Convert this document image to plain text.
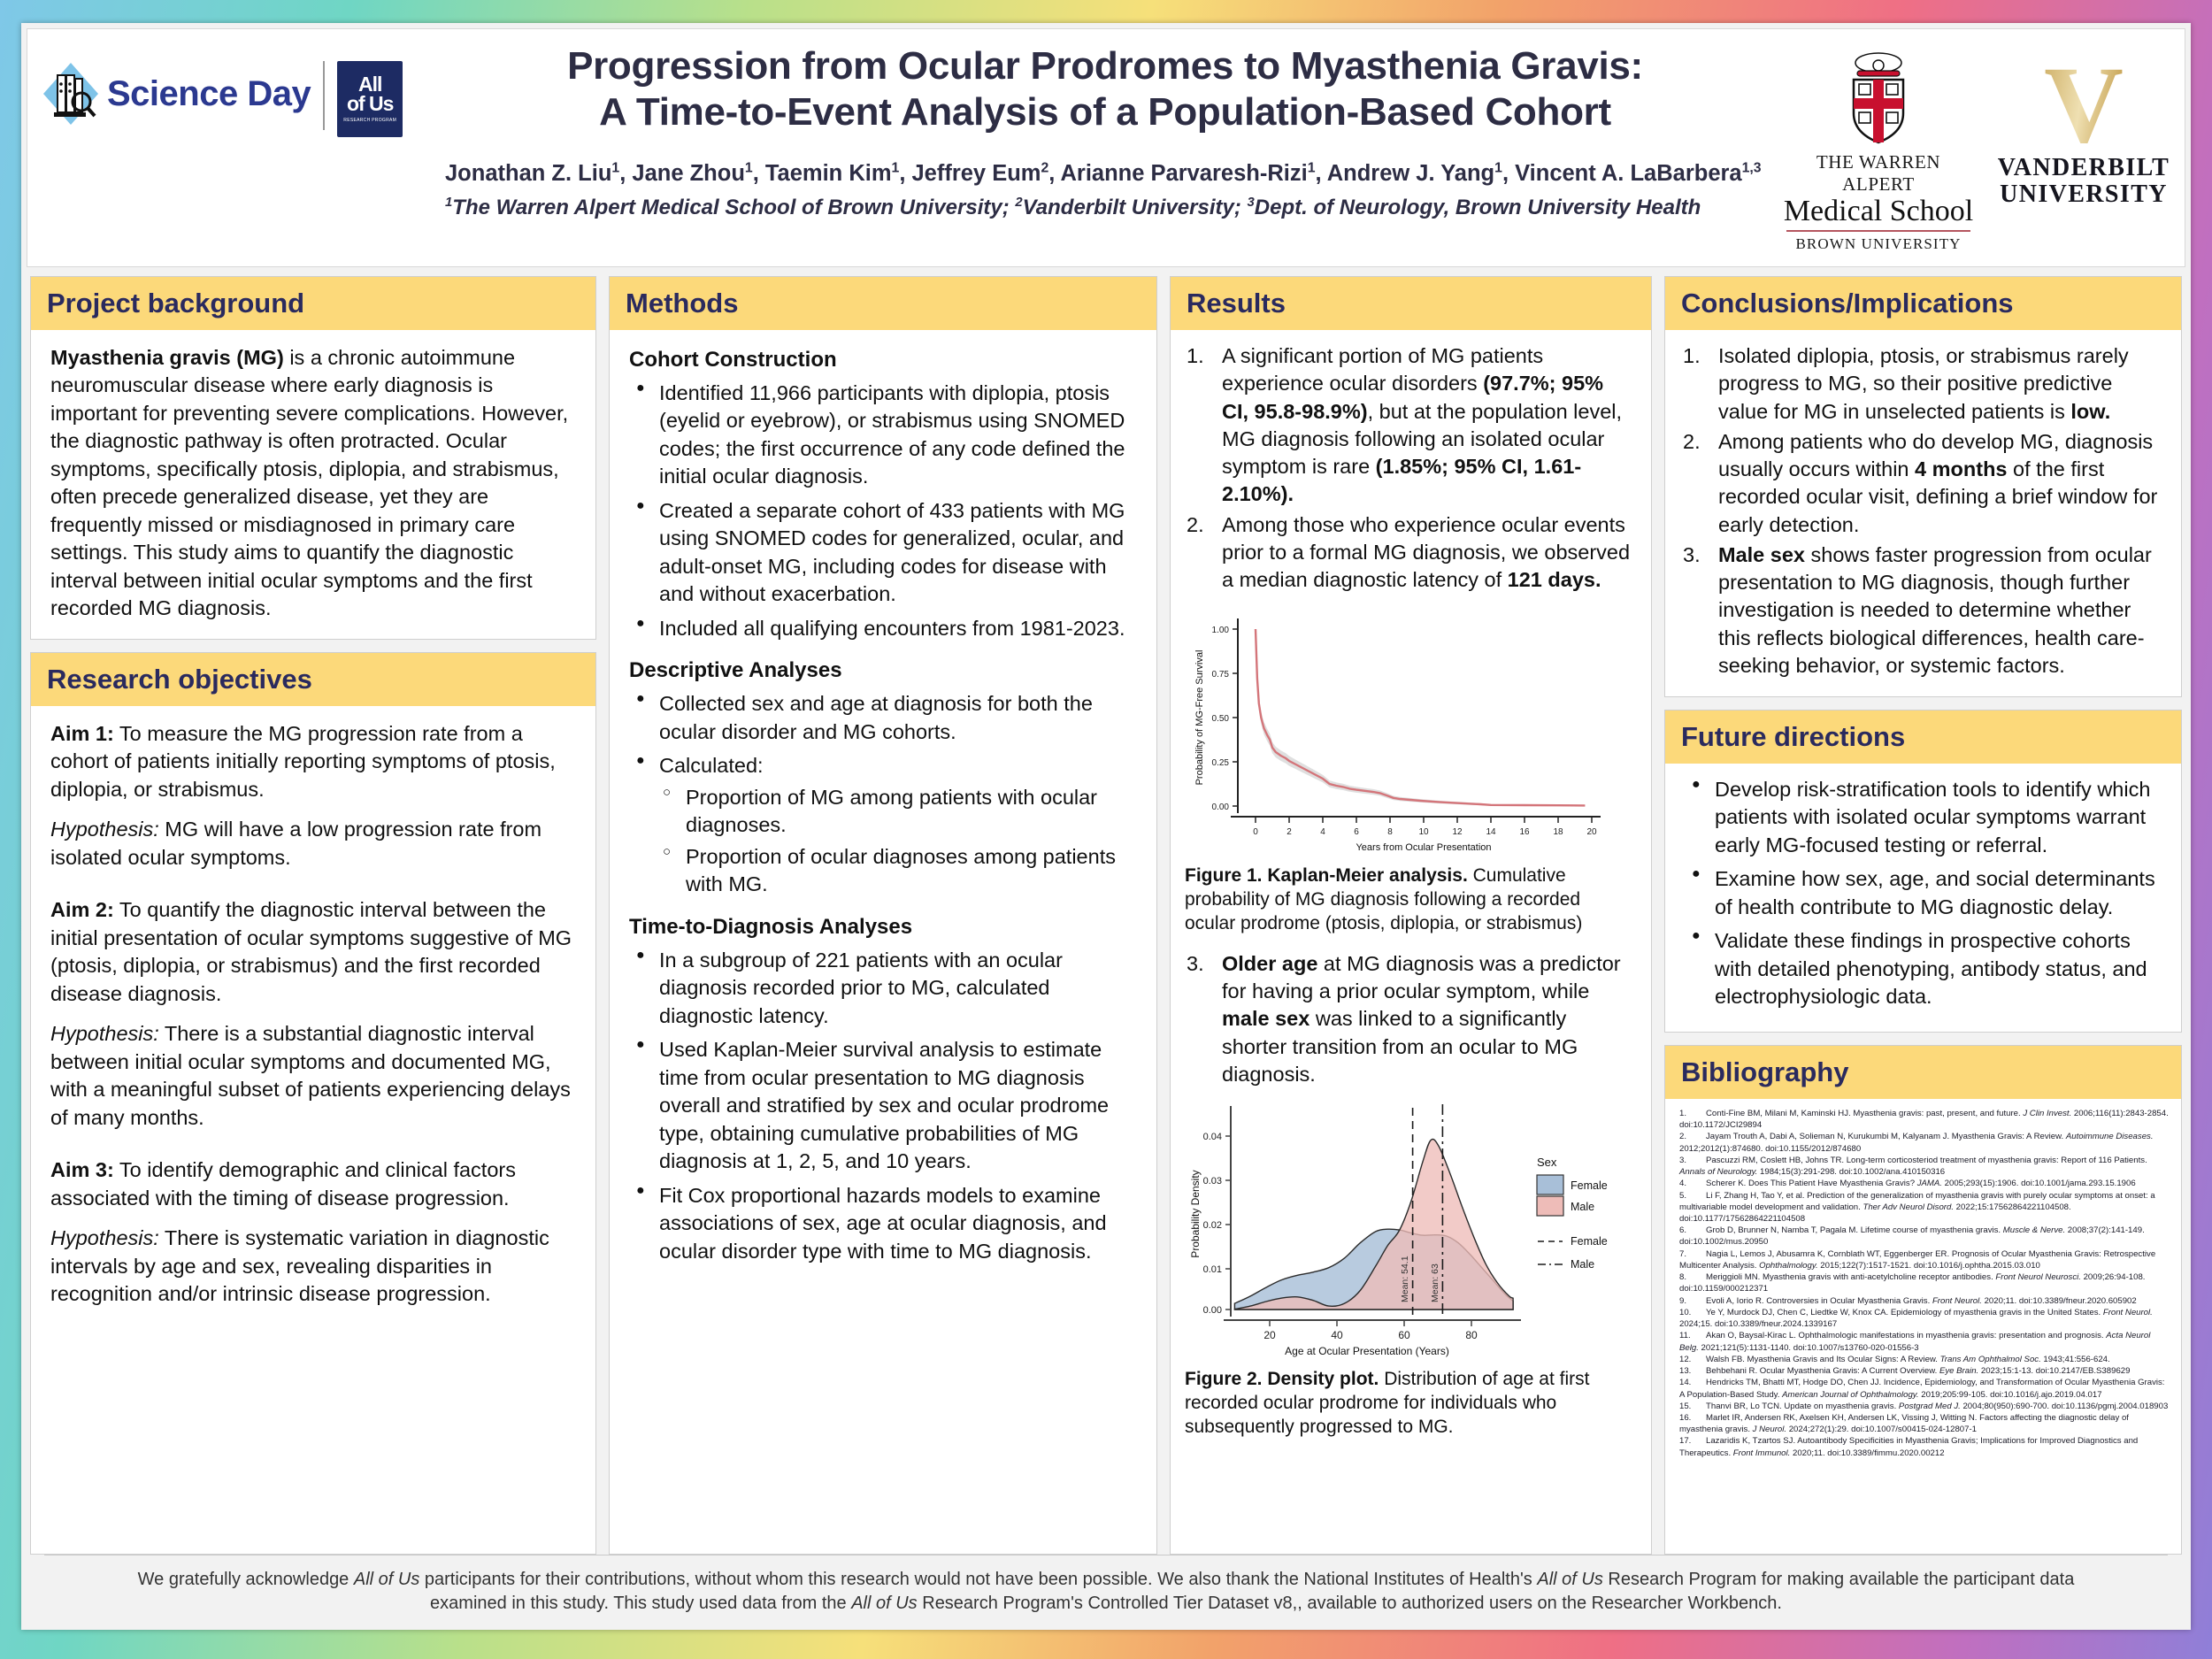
Science Day All
of Us
RESEARCH PROGRAM
Progression from Ocular Prodromes to Myasthenia Gravis:
A Time-to-Event Analysis of a Population-Based Cohort
Jonathan Z. Liu$^1$, Jane Zhou$^1$, Taemin Kim$^1$, Jeffrey Eum$^2$, Arianne Parvaresh-Rizi$^1$, Andrew J. Yang$^1$, Vincent A. LaBarbera$^{1,3}$
$^1$The Warren Alpert Medical School of Brown University; $^2$Vanderbilt University; $^3$Dept. of Neurology, Brown University Health
THE WARREN ALPERT
Medical School
BROWN UNIVERSITY
V
VANDERBILT
UNIVERSITY
Project background

Myasthenia gravis (MG) is a chronic autoimmune neuromuscular disease where early diagnosis is important for preventing severe complications. However, the diagnostic pathway is often protracted. Ocular symptoms, specifically ptosis, diplopia, and strabismus, often precede generalized disease, yet they are frequently missed or misdiagnosed in primary care settings. This study aims to quantify the diagnostic interval between initial ocular symptoms and the first recorded MG diagnosis.

Research objectives

Aim 1: To measure the MG progression rate from a cohort of patients initially reporting symptoms of ptosis, diplopia, or strabismus.

Hypothesis: MG will have a low progression rate from isolated ocular symptoms.

Aim 2: To quantify the diagnostic interval between the initial presentation of ocular symptoms suggestive of MG (ptosis, diplopia, or strabismus) and the first recorded disease diagnosis.

Hypothesis: There is a substantial diagnostic interval between initial ocular symptoms and documented MG, with a meaningful subset of patients experiencing delays of many months.

Aim 3: To identify demographic and clinical factors associated with the timing of disease progression.

Hypothesis: There is systematic variation in diagnostic intervals by age and sex, revealing disparities in recognition and/or intrinsic disease progression.

Methods
Cohort Construction
● Identified 11,966 participants with diplopia, ptosis (eyelid or eyebrow), or strabismus using SNOMED codes; the first occurrence of any code defined the initial ocular diagnosis.
● Created a separate cohort of 433 patients with MG using SNOMED codes for generalized, ocular, and adult-onset MG, including codes for disease with and without exacerbation.
● Included all qualifying encounters from 1981-2023.
Descriptive Analyses
● Collected sex and age at diagnosis for both the ocular disorder and MG cohorts.
● Calculated:
○ Proportion of MG among patients with ocular diagnoses.
○ Proportion of ocular diagnoses among patients with MG.
Time-to-Diagnosis Analyses
● In a subgroup of 221 patients with an ocular diagnosis recorded prior to MG, calculated diagnostic latency.
● Used Kaplan-Meier survival analysis to estimate time from ocular presentation to MG diagnosis overall and stratified by sex and ocular prodrome type, obtaining cumulative probabilities of MG diagnosis at 1, 2, 5, and 10 years.
● Fit Cox proportional hazards models to examine associations of sex, age at ocular diagnosis, and ocular disorder type with time to MG diagnosis.
Results
A significant portion of MG patients experience ocular disorders (97.7%; 95% CI, 95.8-98.9%), but at the population level, MG diagnosis following an isolated ocular symptom is rare (1.85%; 95% CI, 1.61-2.10%).
Among those who experience ocular events prior to a formal MG diagnosis, we observed a median diagnostic latency of 121 days.
1.00
0.75
0.50
0.25
0.00
0	2	4	6	8	10	12	14	16	18	20
Years from Ocular Presentation
Probability of MG-Free Survival

Figure 1. Kaplan-Meier analysis. Cumulative probability of MG diagnosis following a recorded ocular prodrome (ptosis, diplopia, or strabismus)

Older age at MG diagnosis was a predictor for having a prior ocular symptom, while male sex was linked to a significantly shorter transition from an ocular to MG diagnosis.
0.04
0.03
0.02
0.01
0.00
20	40	60	80
Age at Ocular Presentation (Years)
Probability Density
Mean: 54.1 Mean: 63
Sex
Female
Male
Female
Male

Figure 2. Density plot. Distribution of age at first recorded ocular prodrome for individuals who subsequently progressed to MG.

Conclusions/Implications
Isolated diplopia, ptosis, or strabismus rarely progress to MG, so their positive predictive value for MG in unselected patients is low.
Among patients who do develop MG, diagnosis usually occurs within 4 months of the first recorded ocular visit, defining a brief window for early detection.
Male sex shows faster progression from ocular presentation to MG diagnosis, though further investigation is needed to determine whether this reflects biological differences, health care-seeking behavior, or systemic factors.
Future directions
● Develop risk-stratification tools to identify which patients with isolated ocular symptoms warrant early MG-focused testing or referral.
● Examine how sex, age, and social determinants of health contribute to MG diagnostic delay.
● Validate these findings in prospective cohorts with detailed phenotyping, antibody status, and electrophysiologic data.
Bibliography
1. Conti-Fine BM, Milani M, Kaminski HJ. Myasthenia gravis: past, present, and future. J Clin Invest. 2006;116(11):2843-2854. doi:10.1172/JCI29894
2. Jayam Trouth A, Dabi A, Solieman N, Kurukumbi M, Kalyanam J. Myasthenia Gravis: A Review. Autoimmune Diseases. 2012;2012(1):874680. doi:10.1155/2012/874680
3. Pascuzzi RM, Coslett HB, Johns TR. Long-term corticosteriod treatment of myasthenia gravis: Report of 116 Patients. Annals of Neurology. 1984;15(3):291-298. doi:10.1002/ana.410150316
4. Scherer K. Does This Patient Have Myasthenia Gravis? JAMA. 2005;293(15):1906. doi:10.1001/jama.293.15.1906
5. Li F, Zhang H, Tao Y, et al. Prediction of the generalization of myasthenia gravis with purely ocular symptoms at onset: a multivariable model development and validation. Ther Adv Neurol Disord. 2022;15:17562864221104508. doi:10.1177/17562864221104508
6. Grob D, Brunner N, Namba T, Pagala M. Lifetime course of myasthenia gravis. Muscle & Nerve. 2008;37(2):141-149. doi:10.1002/mus.20950
7. Nagia L, Lemos J, Abusamra K, Cornblath WT, Eggenberger ER. Prognosis of Ocular Myasthenia Gravis: Retrospective Multicenter Analysis. Ophthalmology. 2015;122(7):1517-1521. doi:10.1016/j.ophtha.2015.03.010
8. Meriggioli MN. Myasthenia gravis with anti-acetylcholine receptor antibodies. Front Neurol Neurosci. 2009;26:94-108. doi:10.1159/000212371
9. Evoli A, Iorio R. Controversies in Ocular Myasthenia Gravis. Front Neurol. 2020;11. doi:10.3389/fneur.2020.605902
10. Ye Y, Murdock DJ, Chen C, Liedtke W, Knox CA. Epidemiology of myasthenia gravis in the United States. Front Neurol. 2024;15. doi:10.3389/fneur.2024.1339167
11. Akan O, Baysal-Kirac L. Ophthalmologic manifestations in myasthenia gravis: presentation and prognosis. Acta Neurol Belg. 2021;121(5):1131-1140. doi:10.1007/s13760-020-01556-3
12. Walsh FB. Myasthenia Gravis and Its Ocular Signs: A Review. Trans Am Ophthalmol Soc. 1943;41:556-624.
13. Behbehani R. Ocular Myasthenia Gravis: A Current Overview. Eye Brain. 2023;15:1-13. doi:10.2147/EB.S389629
14. Hendricks TM, Bhatti MT, Hodge DO, Chen JJ. Incidence, Epidemiology, and Transformation of Ocular Myasthenia Gravis: A Population-Based Study. American Journal of Ophthalmology. 2019;205:99-105. doi:10.1016/j.ajo.2019.04.017
15. Thanvi BR, Lo TCN. Update on myasthenia gravis. Postgrad Med J. 2004;80(950):690-700. doi:10.1136/pgmj.2004.018903
16. Marlet IR, Andersen RK, Axelsen KH, Andersen LK, Vissing J, Witting N. Factors affecting the diagnostic delay of myasthenia gravis. J Neurol. 2024;272(1):29. doi:10.1007/s00415-024-12807-1
17. Lazaridis K, Tzartos SJ. Autoantibody Specificities in Myasthenia Gravis; Implications for Improved Diagnostics and Therapeutics. Front Immunol. 2020;11. doi:10.3389/fimmu.2020.00212
We gratefully acknowledge All of Us participants for their contributions, without whom this research would not have been possible. We also thank the National Institutes of Health's All of Us Research Program for making available the participant data examined in this study. This study used data from the All of Us Research Program's Controlled Tier Dataset v8,, available to authorized users on the Researcher Workbench.
